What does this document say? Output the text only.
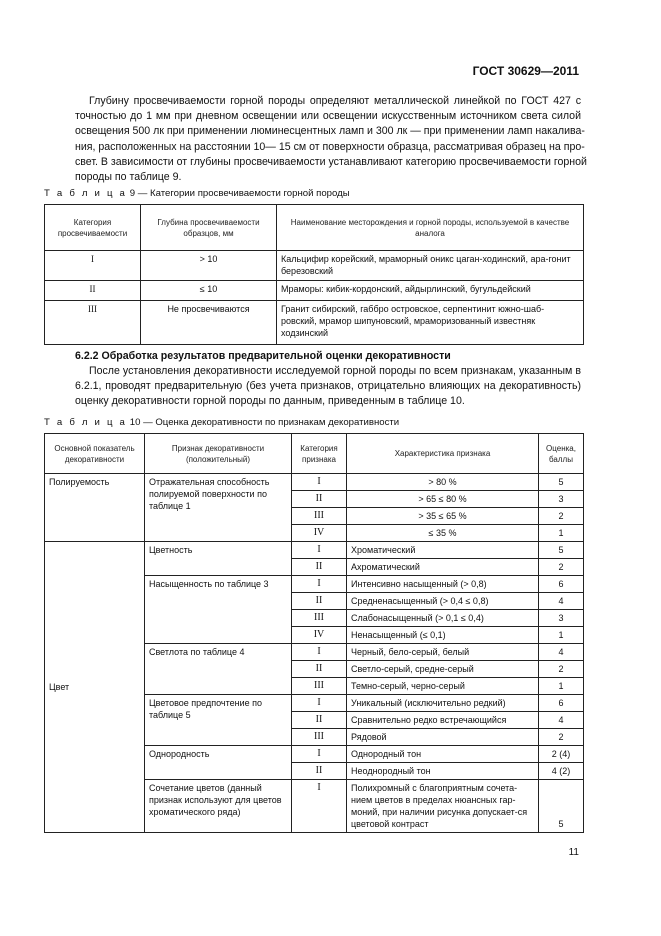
ГОСТ 30629—2011
Глубину просвечиваемости горной породы определяют металлической линейкой по ГОСТ 427 с
точностью до 1 мм при дневном освещении или освещении искусственным источником света силой
освещения 500 лк при применении люминесцентных ламп и 300 лк — при применении ламп накалива-
ния, расположенных на расстоянии 10— 15 см от поверхности образца, рассматривая образец на про-
свет. В зависимости от глубины просвечиваемости устанавливают категорию просвечиваемости горной
породы по таблице 9.
Т а б л и ц а 9 — Категории просвечиваемости горной породы
Категория просвечиваемости	Глубина просвечиваемости образцов, мм	Наименование месторождения и горной породы, используемой в качестве аналога
I	> 10	Кальцифир корейский, мраморный оникс цаган-ходинский, ара-гонит березовский
II	≤ 10	Мраморы: кибик-кордонский, айдырлинский, бугульдейский
III	Не просвечиваются	Гранит сибирский, габбро островское, серпентинит южно-шаб-ровский, мрамор шипуновский, мраморизованный известняк ходзинский
6.2.2 Обработка результатов предварительной оценки декоративности
После установления декоративности исследуемой горной породы по всем признакам, указанным в
6.2.1, проводят предварительную (без учета признаков, отрицательно влияющих на декоративность)
оценку декоративности горной породы по данным, приведенным в таблице 10.
Т а б л и ц а 10 — Оценка декоративности по признакам декоративности
Основной показатель декоративности	Признак декоративности (положительный)	Категория признака	Характеристика признака	Оценка, баллы
Полируемость	Отражательная способность полируемой поверхности по таблице 1	I	> 80 %	5
		II	> 65 ≤ 80 %	3
		III	> 35 ≤ 65 %	2
		IV	≤ 35 %	1
Цвет	Цветность	I	Хроматический	5
		II	Ахроматический	2
	Насыщенность по таблице 3	I	Интенсивно насыщенный (> 0,8)	6
		II	Средненасыщенный (> 0,4 ≤ 0,8)	4
		III	Слабонасыщенный (> 0,1 ≤ 0,4)	3
		IV	Ненасыщенный (≤ 0,1)	1
	Светлота по таблице 4	I	Черный, бело-серый, белый	4
		II	Светло-серый, средне-серый	2
		III	Темно-серый, черно-серый	1
	Цветовое предпочтение по таблице 5	I	Уникальный (исключительно редкий)	6
		II	Сравнительно редко встречающийся	4
		III	Рядовой	2
	Однородность	I	Однородный тон	2 (4)
		II	Неоднородный тон	4 (2)
	Сочетание цветов (данный признак используют для цветов хроматического ряда)	I	Полихромный с благоприятным сочета-нием цветов в пределах нюансных гар-моний, при наличии рисунка допускает-ся цветовой контраст	5
11
